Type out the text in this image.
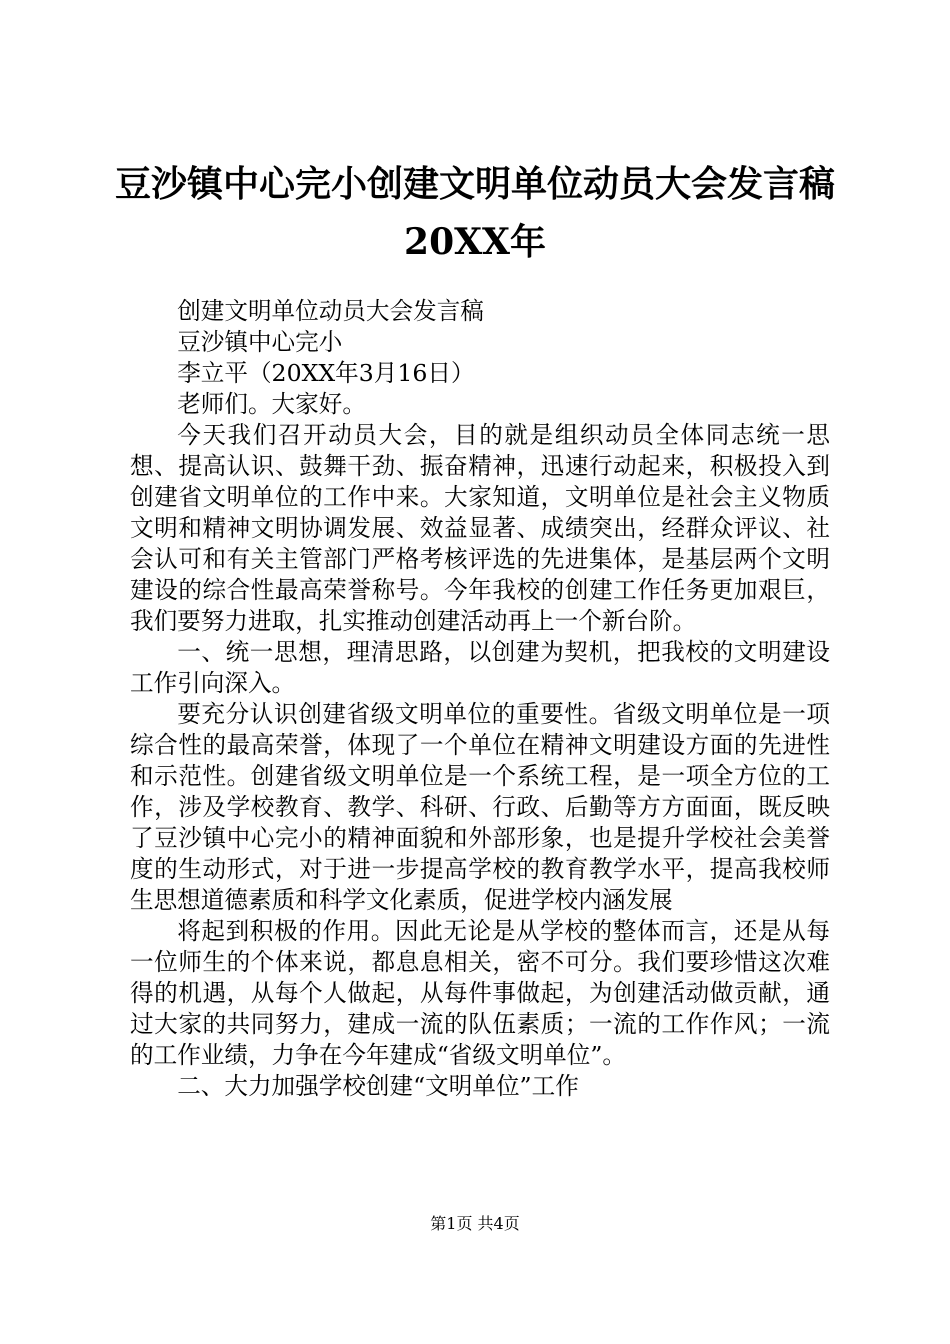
豆沙镇中心完小创建文明单位动员大会发言稿
20XX年

创建文明单位动员大会发言稿

豆沙镇中心完小

李立平（20XX年3月16日）

老师们。大家好。

今天我们召开动员大会，目的就是组织动员全体同志统一思想、提高认识、鼓舞干劲、振奋精神，迅速行动起来，积极投入到创建省文明单位的工作中来。大家知道，文明单位是社会主义物质文明和精神文明协调发展、效益显著、成绩突出，经群众评议、社会认可和有关主管部门严格考核评选的先进集体，是基层两个文明建设的综合性最高荣誉称号。今年我校的创建工作任务更加艰巨，我们要努力进取，扎实推动创建活动再上一个新台阶。

一、统一思想，理清思路，以创建为契机，把我校的文明建设工作引向深入。

要充分认识创建省级文明单位的重要性。省级文明单位是一项综合性的最高荣誉，体现了一个单位在精神文明建设方面的先进性和示范性。创建省级文明单位是一个系统工程，是一项全方位的工作，涉及学校教育、教学、科研、行政、后勤等方方面面，既反映了豆沙镇中心完小的精神面貌和外部形象，也是提升学校社会美誉度的生动形式，对于进一步提高学校的教育教学水平，提高我校师生思想道德素质和科学文化素质，促进学校内涵发展

将起到积极的作用。因此无论是从学校的整体而言，还是从每一位师生的个体来说，都息息相关，密不可分。我们要珍惜这次难得的机遇，从每个人做起，从每件事做起，为创建活动做贡献，通过大家的共同努力，建成一流的队伍素质；一流的工作作风；一流的工作业绩，力争在今年建成“省级文明单位”。

二、大力加强学校创建“文明单位”工作

第1页 共4页
